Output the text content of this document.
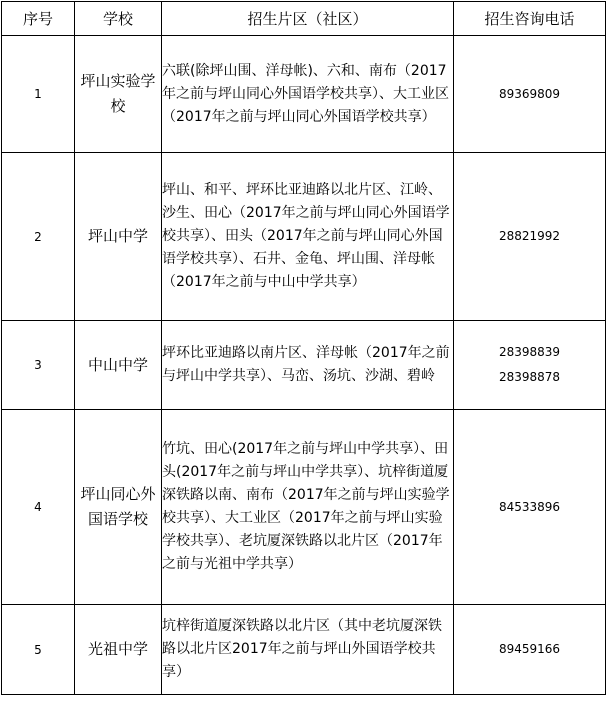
序号	学校	招生片区（社区）	招生咨询电话
1	坪山实验学校	六联(除坪山围、洋母帐)、六和、南布（2017年之前与坪山同心外国语学校共享）、大工业区（2017年之前与坪山同心外国语学校共享）	89369809

2	坪山中学	坪山、和平、坪环比亚迪路以北片区、江岭、沙生、田心（2017年之前与坪山同心外国语学校共享）、田头（2017年之前与坪山同心外国语学校共享）、石井、金龟、坪山围、洋母帐（2017年之前与中山中学共享）	28821992

3	中山中学	坪环比亚迪路以南片区、洋母帐（2017年之前与坪山中学共享）、马峦、汤坑、沙湖、碧岭	28398839
28398878

4	坪山同心外国语学校	竹坑、田心(2017年之前与坪山中学共享）、田头(2017年之前与坪山中学共享）、坑梓街道厦深铁路以南、南布（2017年之前与坪山实验学校共享）、大工业区（2017年之前与坪山实验学校共享）、老坑厦深铁路以北片区（2017年之前与光祖中学共享）	84533896

5	光祖中学	坑梓街道厦深铁路以北片区（其中老坑厦深铁路以北片区2017年之前与坪山外国语学校共享）	89459166
